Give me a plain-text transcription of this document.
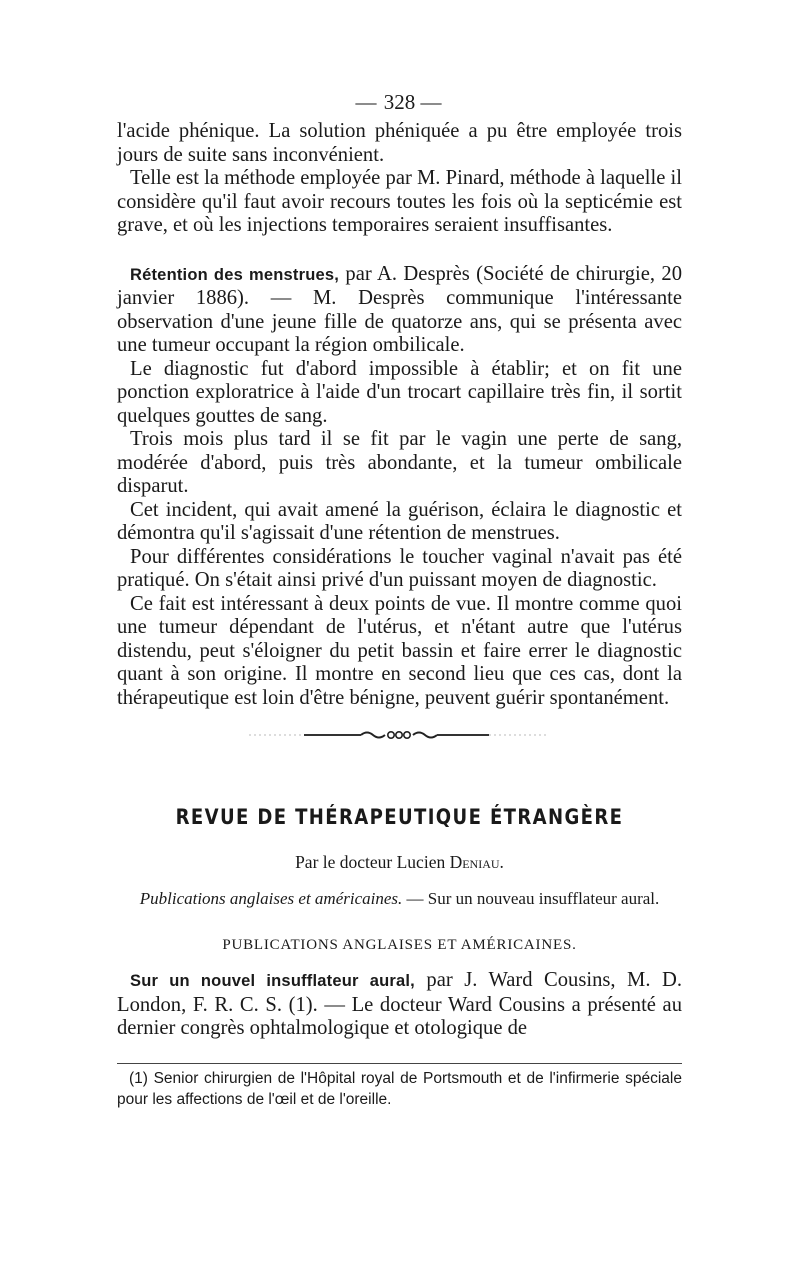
— 328 —

l'acide phénique. La solution phéniquée a pu être employée trois jours de suite sans inconvénient.

Telle est la méthode employée par M. Pinard, méthode à laquelle il considère qu'il faut avoir recours toutes les fois où la septicémie est grave, et où les injections temporaires seraient insuffisantes.

Rétention des menstrues, par A. Desprès (Société de chirurgie, 20 janvier 1886). — M. Desprès communique l'intéressante observation d'une jeune fille de quatorze ans, qui se présenta avec une tumeur occupant la région ombilicale.

Le diagnostic fut d'abord impossible à établir; et on fit une ponction exploratrice à l'aide d'un trocart capillaire très fin, il sortit quelques gouttes de sang.

Trois mois plus tard il se fit par le vagin une perte de sang, modérée d'abord, puis très abondante, et la tumeur ombilicale disparut.

Cet incident, qui avait amené la guérison, éclaira le diagnostic et démontra qu'il s'agissait d'une rétention de menstrues.

Pour différentes considérations le toucher vaginal n'avait pas été pratiqué. On s'était ainsi privé d'un puissant moyen de diagnostic.

Ce fait est intéressant à deux points de vue. Il montre comme quoi une tumeur dépendant de l'utérus, et n'étant autre que l'utérus distendu, peut s'éloigner du petit bassin et faire errer le diagnostic quant à son origine. Il montre en second lieu que ces cas, dont la thérapeutique est loin d'être bénigne, peuvent guérir spontanément.

REVUE DE THÉRAPEUTIQUE ÉTRANGÈRE
Par le docteur Lucien Deniau.
Publications anglaises et américaines. — Sur un nouveau insufflateur aural.
PUBLICATIONS ANGLAISES ET AMÉRICAINES.

Sur un nouvel insufflateur aural, par J. Ward Cousins, M. D. London, F. R. C. S. (1). — Le docteur Ward Cousins a présenté au dernier congrès ophtalmologique et otologique de

(1) Senior chirurgien de l'Hôpital royal de Portsmouth et de l'infirmerie spéciale pour les affections de l'œil et de l'oreille.
